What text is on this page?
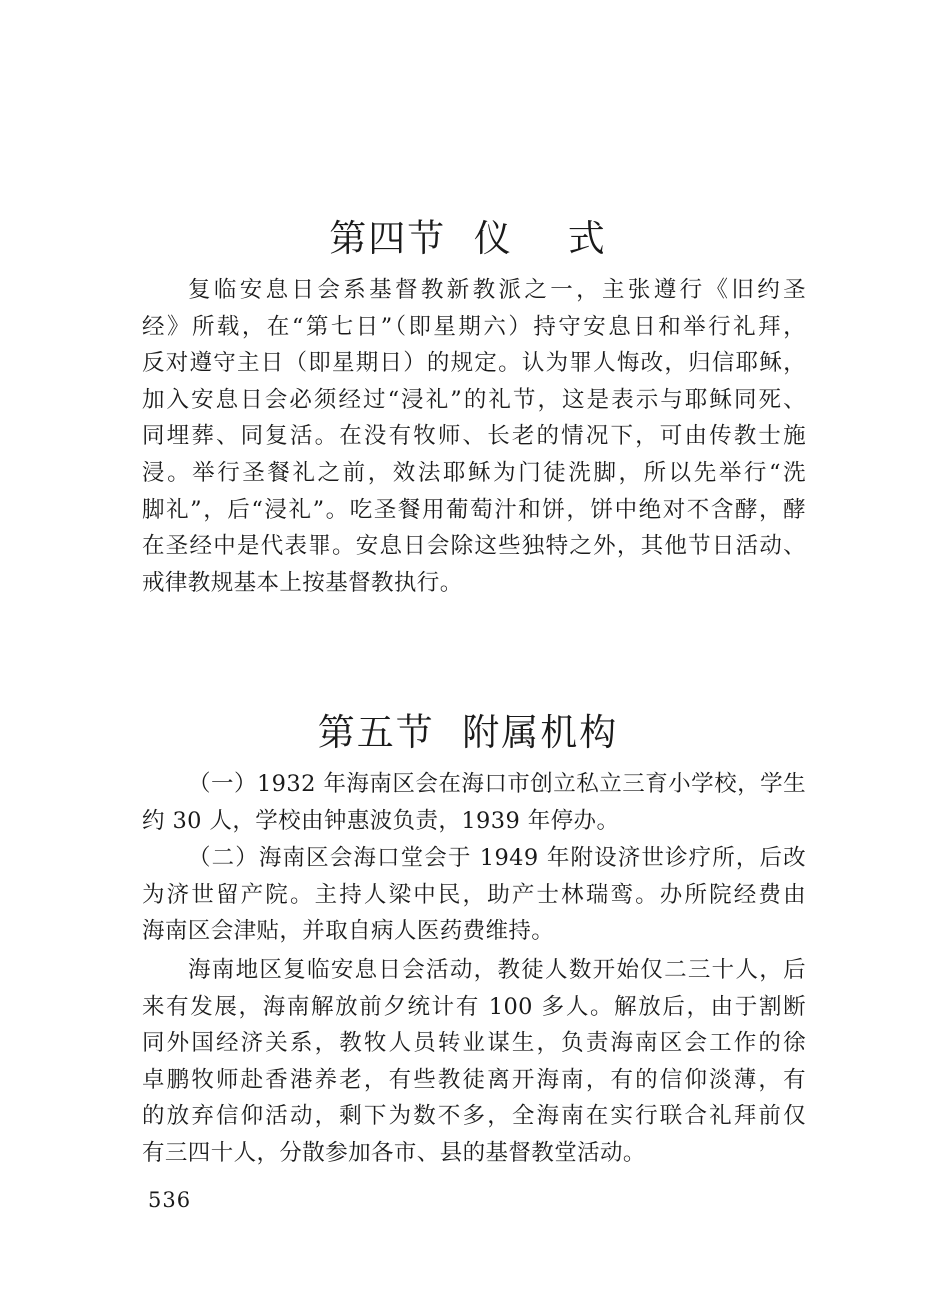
第四节  仪    式
复临安息日会系基督教新教派之一，主张遵行《旧约圣
经》所载，在“第七日”（即星期六）持守安息日和举行礼拜，
反对遵守主日（即星期日）的规定。认为罪人悔改，归信耶稣，
加入安息日会必须经过“浸礼”的礼节，这是表示与耶稣同死、
同埋葬、同复活。在没有牧师、长老的情况下，可由传教士施
浸。举行圣餐礼之前，效法耶稣为门徒洗脚，所以先举行“洗
脚礼”，后“浸礼”。吃圣餐用葡萄汁和饼，饼中绝对不含酵，酵
在圣经中是代表罪。安息日会除这些独特之外，其他节日活动、
戒律教规基本上按基督教执行。
第五节  附属机构
（一）1932 年海南区会在海口市创立私立三育小学校，学生
约 30 人，学校由钟惠波负责，1939 年停办。
（二）海南区会海口堂会于 1949 年附设济世诊疗所，后改
为济世留产院。主持人梁中民，助产士林瑞鸾。办所院经费由
海南区会津贴，并取自病人医药费维持。
海南地区复临安息日会活动，教徒人数开始仅二三十人，后
来有发展，海南解放前夕统计有 100 多人。解放后，由于割断
同外国经济关系，教牧人员转业谋生，负责海南区会工作的徐
卓鹏牧师赴香港养老，有些教徒离开海南，有的信仰淡薄，有
的放弃信仰活动，剩下为数不多，全海南在实行联合礼拜前仅
有三四十人，分散参加各市、县的基督教堂活动。
536
